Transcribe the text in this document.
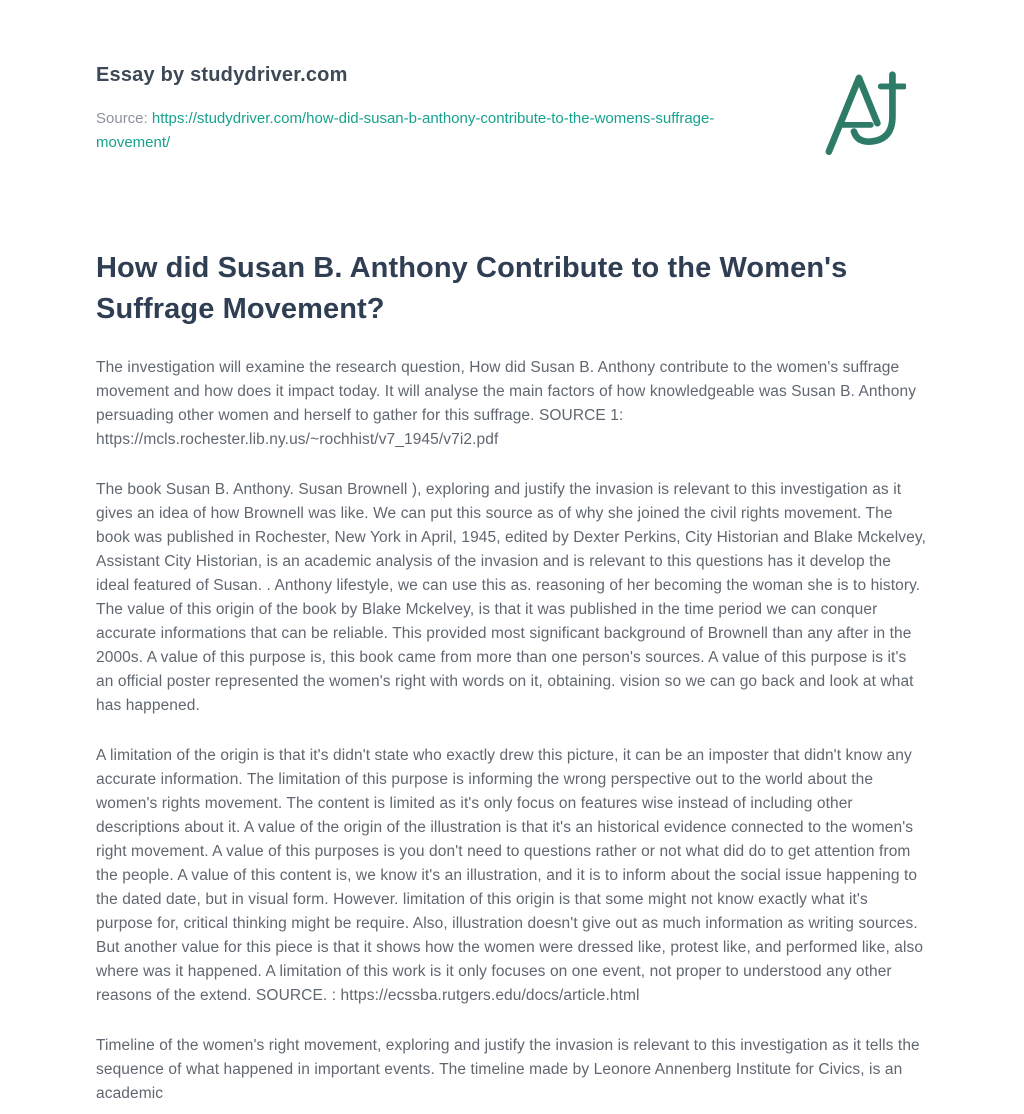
Essay by studydriver.com
Source: https://studydriver.com/how-did-susan-b-anthony-contribute-to-the-womens-suffrage-movement/
How did Susan B. Anthony Contribute to the Women's Suffrage Movement?

The investigation will examine the research question, How did Susan B. Anthony contribute to the women's suffrage movement and how does it impact today. It will analyse the main factors of how knowledgeable was Susan B. Anthony persuading other women and herself to gather for this suffrage. SOURCE 1: https://mcls.rochester.lib.ny.us/~rochhist/v7_1945/v7i2.pdf

The book Susan B. Anthony. Susan Brownell ), exploring and justify the invasion is relevant to this investigation as it gives an idea of how Brownell was like. We can put this source as of why she joined the civil rights movement. The book was published in Rochester, New York in April, 1945, edited by Dexter Perkins, City Historian and Blake Mckelvey, Assistant City Historian, is an academic analysis of the invasion and is relevant to this questions has it develop the ideal featured of Susan. . Anthony lifestyle, we can use this as. reasoning of her becoming the woman she is to history. The value of this origin of the book by Blake Mckelvey, is that it was published in the time period we can conquer accurate informations that can be reliable. This provided most significant background of Brownell than any after in the 2000s. A value of this purpose is, this book came from more than one person's sources. A value of this purpose is it's an official poster represented the women's right with words on it, obtaining. vision so we can go back and look at what has happened.

A limitation of the origin is that it's didn't state who exactly drew this picture, it can be an imposter that didn't know any accurate information. The limitation of this purpose is informing the wrong perspective out to the world about the women's rights movement. The content is limited as it's only focus on features wise instead of including other descriptions about it. A value of the origin of the illustration is that it's an historical evidence connected to the women's right movement. A value of this purposes is you don't need to questions rather or not what did do to get attention from the people. A value of this content is, we know it's an illustration, and it is to inform about the social issue happening to the dated date, but in visual form. However. limitation of this origin is that some might not know exactly what it's purpose for, critical thinking might be require. Also, illustration doesn't give out as much information as writing sources. But another value for this piece is that it shows how the women were dressed like, protest like, and performed like, also where was it happened. A limitation of this work is it only focuses on one event, not proper to understood any other reasons of the extend. SOURCE. : https://ecssba.rutgers.edu/docs/article.html

Timeline of the women's right movement, exploring and justify the invasion is relevant to this investigation as it tells the sequence of what happened in important events. The timeline made by Leonore Annenberg Institute for Civics, is an academic
